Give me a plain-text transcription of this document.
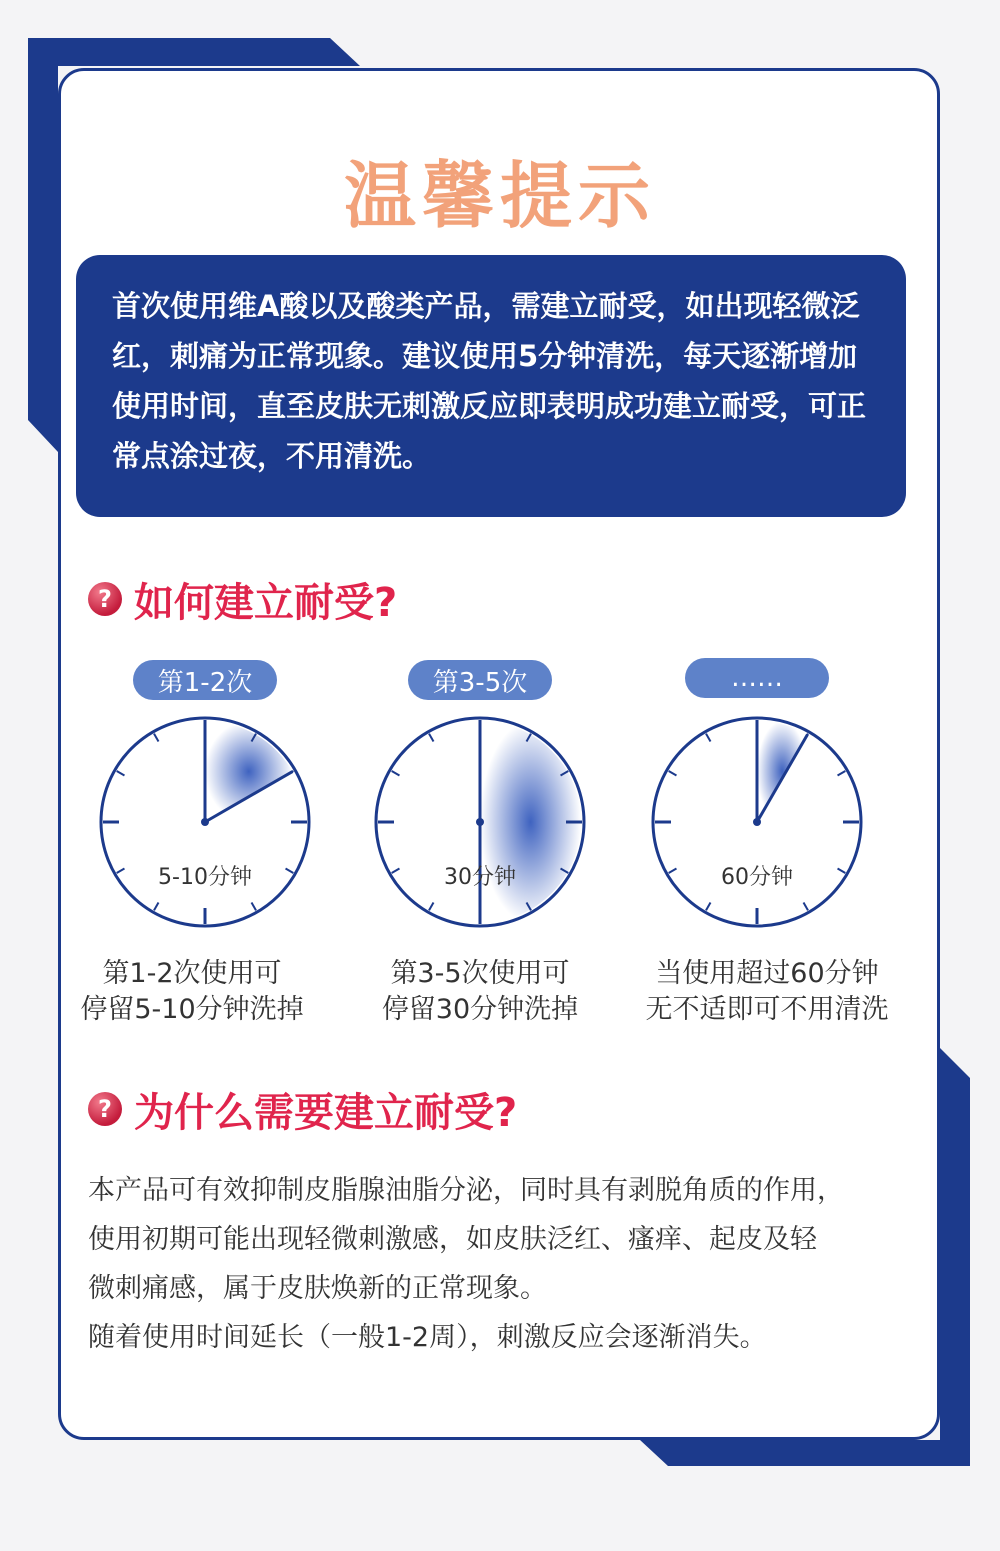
温馨提示
首次使用维A酸以及酸类产品，需建立耐受，如出现轻微泛红，刺痛为正常现象。建议使用5分钟清洗，每天逐渐增加使用时间，直至皮肤无刺激反应即表明成功建立耐受，可正常点涂过夜，不用清洗。
? 如何建立耐受?
第1-2次
5-10分钟
第1-2次使用可
停留5-10分钟洗掉
第3-5次
30分钟
第3-5次使用可
停留30分钟洗掉
……
60分钟
当使用超过60分钟
无不适即可不用清洗
? 为什么需要建立耐受?

本产品可有效抑制皮脂腺油脂分泌，同时具有剥脱角质的作用，

使用初期可能出现轻微刺激感，如皮肤泛红、瘙痒、起皮及轻

微刺痛感，属于皮肤焕新的正常现象。

随着使用时间延长（一般1-2周），刺激反应会逐渐消失。
